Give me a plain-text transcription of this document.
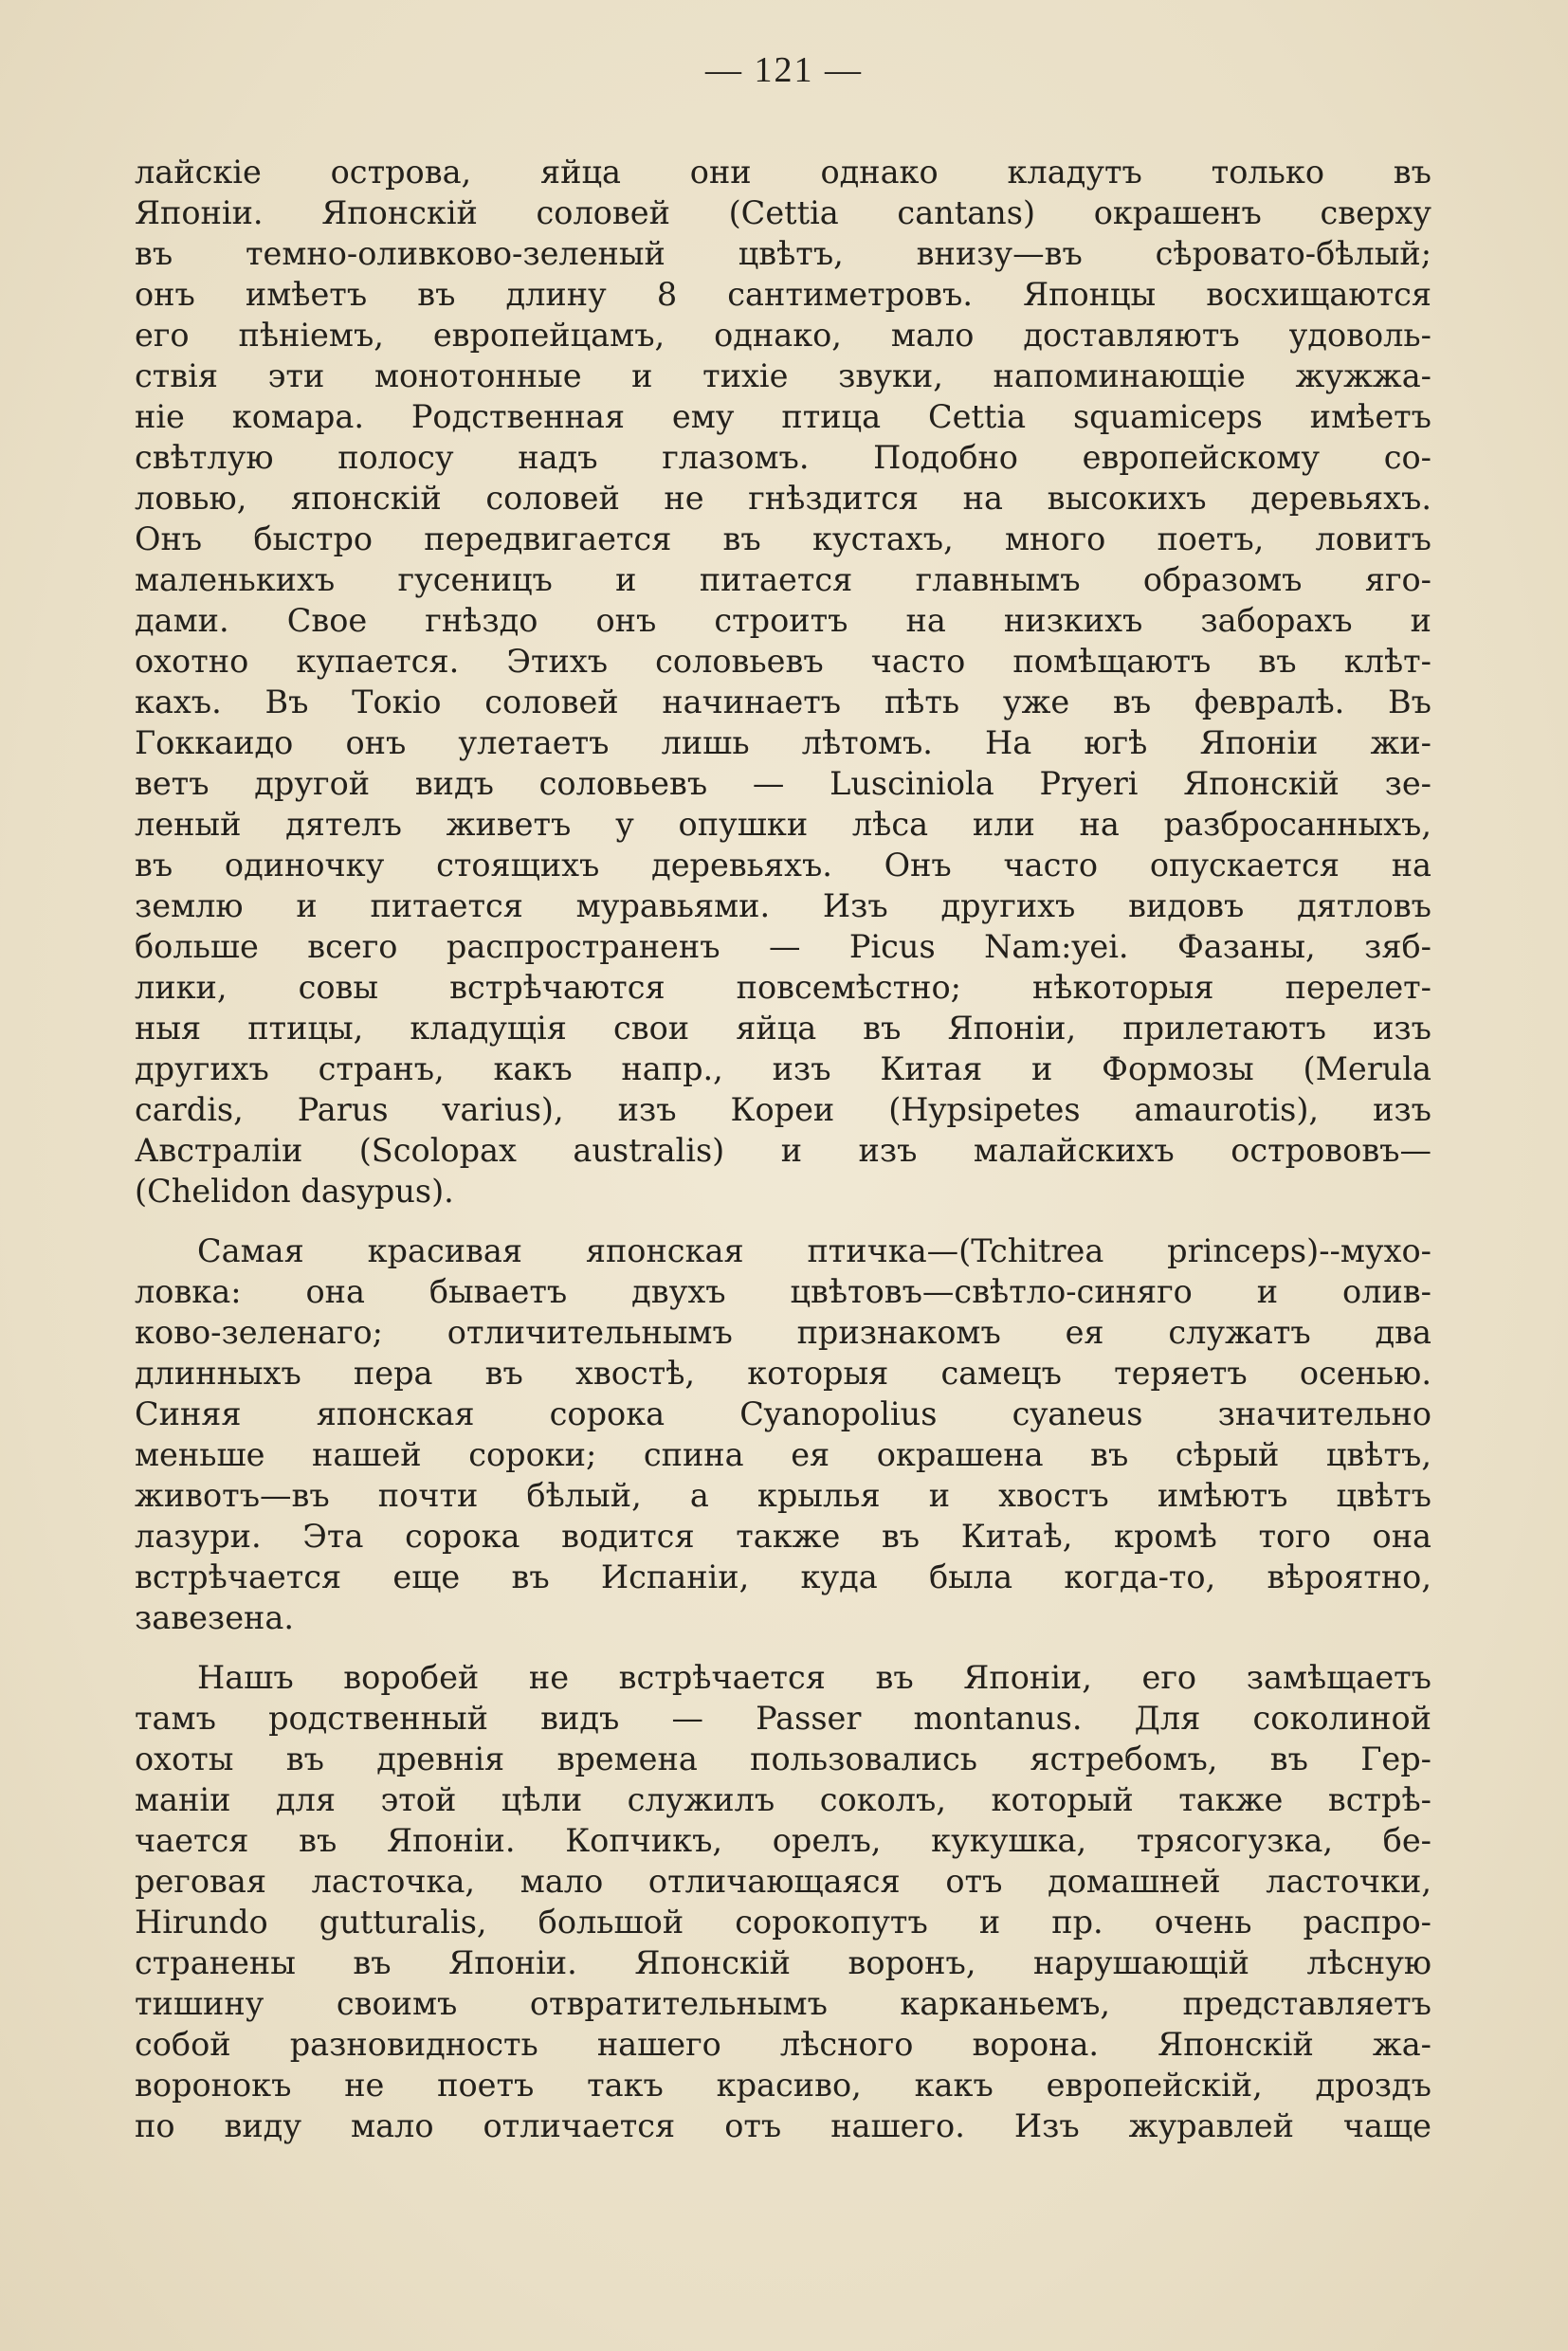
— 121 —
лайскіе острова, яйца они однако кладутъ только въ
Японіи. Японскій соловей (Cettia cantans) окрашенъ сверху
въ темно-оливково-зеленый цвѣтъ, внизу—въ сѣровато-бѣлый;
онъ имѣетъ въ длину 8 сантиметровъ. Японцы восхищаются
его пѣніемъ, европейцамъ, однако, мало доставляютъ удоволь-
ствія эти монотонные и тихіе звуки, напоминающіе жужжа-
ніе комара. Родственная ему птица Cettia squamiceps имѣетъ
свѣтлую полосу надъ глазомъ. Подобно европейскому со-
ловью, японскій соловей не гнѣздится на высокихъ деревьяхъ.
Онъ быстро передвигается въ кустахъ, много поетъ, ловитъ
маленькихъ гусеницъ и питается главнымъ образомъ яго-
дами. Свое гнѣздо онъ строитъ на низкихъ заборахъ и
охотно купается. Этихъ соловьевъ часто помѣщаютъ въ клѣт-
кахъ. Въ Токіо соловей начинаетъ пѣть уже въ февралѣ. Въ
Гоккаидо онъ улетаетъ лишь лѣтомъ. На югѣ Японіи жи-
ветъ другой видъ соловьевъ — Lusciniola Pryeri Японскій зе-
леный дятелъ живетъ у опушки лѣса или на разбросанныхъ,
въ одиночку стоящихъ деревьяхъ. Онъ часто опускается на
землю и питается муравьями. Изъ другихъ видовъ дятловъ
больше всего распространенъ — Picus Nam:yei. Фазаны, зяб-
лики, совы встрѣчаются повсемѣстно; нѣкоторыя перелет-
ныя птицы, кладущія свои яйца въ Японіи, прилетаютъ изъ
другихъ странъ, какъ напр., изъ Китая и Формозы (Merula
cardis, Parus varius), изъ Кореи (Hypsipetes amaurotis), изъ
Австраліи (Scolopax australis) и изъ малайскихъ острововъ—
(Chelidon dasypus).
Самая красивая японская птичка—(Tchitrea princeps)--мухо-
ловка: она бываетъ двухъ цвѣтовъ—свѣтло-синяго и олив-
ково-зеленаго; отличительнымъ признакомъ ея служатъ два
длинныхъ пера въ хвостѣ, которыя самецъ теряетъ осенью.
Синяя японская сорока Cyanopolius cyaneus значительно
меньше нашей сороки; спина ея окрашена въ сѣрый цвѣтъ,
животъ—въ почти бѣлый, а крылья и хвостъ имѣютъ цвѣтъ
лазури. Эта сорока водится также въ Китаѣ, кромѣ того она
встрѣчается еще въ Испаніи, куда была когда-то, вѣроятно,
завезена.
Нашъ воробей не встрѣчается въ Японіи, его замѣщаетъ
тамъ родственный видъ — Passer montanus. Для соколиной
охоты въ древнія времена пользовались ястребомъ, въ Гер-
маніи для этой цѣли служилъ соколъ, который также встрѣ-
чается въ Японіи. Копчикъ, орелъ, кукушка, трясогузка, бе-
реговая ласточка, мало отличающаяся отъ домашней ласточки,
Hirundo gutturalis, большой сорокопутъ и пр. очень распро-
странены въ Японіи. Японскій воронъ, нарушающій лѣсную
тишину своимъ отвратительнымъ карканьемъ, представляетъ
собой разновидность нашего лѣсного ворона. Японскій жа-
воронокъ не поетъ такъ красиво, какъ европейскій, дроздъ
по виду мало отличается отъ нашего. Изъ журавлей чаще
